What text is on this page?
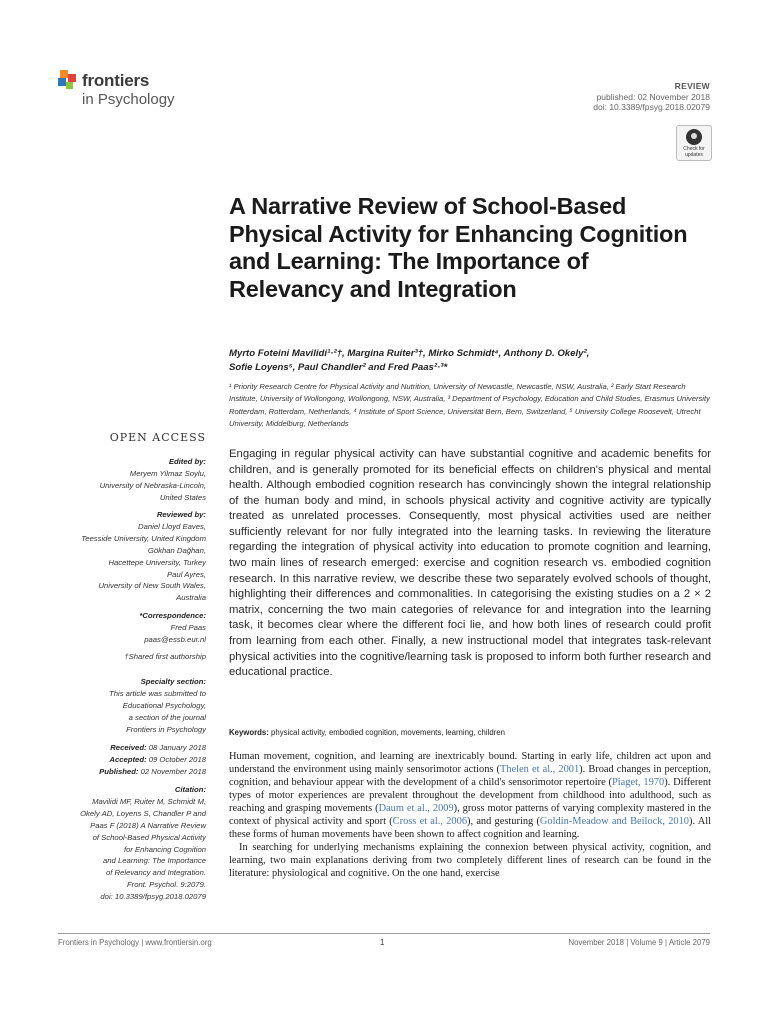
frontiers
in Psychology
REVIEW
published: 02 November 2018
doi: 10.3389/fpsyg.2018.02079
Check for updates
A Narrative Review of School-Based Physical Activity for Enhancing Cognition and Learning: The Importance of Relevancy and Integration
Myrto Foteini Mavilidi¹·²†, Margina Ruiter³†, Mirko Schmidt⁴, Anthony D. Okely²,
Sofie Loyens⁵, Paul Chandler² and Fred Paas²·³*
¹ Priority Research Centre for Physical Activity and Nutrition, University of Newcastle, Newcastle, NSW, Australia, ² Early Start Research Institute, University of Wollongong, Wollongong, NSW, Australia, ³ Department of Psychology, Education and Child Studies, Erasmus University Rotterdam, Rotterdam, Netherlands, ⁴ Institute of Sport Science, Universität Bern, Bern, Switzerland, ⁵ University College Roosevelt, Utrecht University, Middelburg, Netherlands
OPEN ACCESS
Edited by:
Meryem Yilmaz Soylu,
University of Nebraska-Lincoln,
United States
Reviewed by:
Daniel Lloyd Eaves,
Teesside University, United Kingdom
Gökhan Dağhan,
Hacettepe University, Turkey
Paul Ayres,
University of New South Wales,
Australia
*Correspondence:
Fred Paas
paas@essb.eur.nl
†Shared first authorship
Specialty section:
This article was submitted to
Educational Psychology,
a section of the journal
Frontiers in Psychology
Received: 08 January 2018
Accepted: 09 October 2018
Published: 02 November 2018
Citation:
Mavilidi MF, Ruiter M, Schmidt M,
Okely AD, Loyens S, Chandler P and
Paas F (2018) A Narrative Review
of School-Based Physical Activity
for Enhancing Cognition
and Learning: The Importance
of Relevancy and Integration.
Front. Psychol. 9:2079.
doi: 10.3389/fpsyg.2018.02079
Engaging in regular physical activity can have substantial cognitive and academic benefits for children, and is generally promoted for its beneficial effects on children's physical and mental health. Although embodied cognition research has convincingly shown the integral relationship of the human body and mind, in schools physical activity and cognitive activity are typically treated as unrelated processes. Consequently, most physical activities used are neither sufficiently relevant for nor fully integrated into the learning tasks. In reviewing the literature regarding the integration of physical activity into education to promote cognition and learning, two main lines of research emerged: exercise and cognition research vs. embodied cognition research. In this narrative review, we describe these two separately evolved schools of thought, highlighting their differences and commonalities. In categorising the existing studies on a 2 × 2 matrix, concerning the two main categories of relevance for and integration into the learning task, it becomes clear where the different foci lie, and how both lines of research could profit from learning from each other. Finally, a new instructional model that integrates task-relevant physical activities into the cognitive/learning task is proposed to inform both further research and educational practice.
Keywords: physical activity, embodied cognition, movements, learning, children

Human movement, cognition, and learning are inextricably bound. Starting in early life, children act upon and understand the environment using mainly sensorimotor actions (Thelen et al., 2001). Broad changes in perception, cognition, and behaviour appear with the development of a child's sensorimotor repertoire (Piaget, 1970). Different types of motor experiences are prevalent throughout the development from childhood into adulthood, such as reaching and grasping movements (Daum et al., 2009), gross motor patterns of varying complexity mastered in the context of physical activity and sport (Cross et al., 2006), and gesturing (Goldin-Meadow and Beilock, 2010). All these forms of human movements have been shown to affect cognition and learning.

In searching for underlying mechanisms explaining the connexion between physical activity, cognition, and learning, two main explanations deriving from two completely different lines of research can be found in the literature: physiological and cognitive. On the one hand, exercise

Frontiers in Psychology | www.frontiersin.org	1	November 2018 | Volume 9 | Article 2079
